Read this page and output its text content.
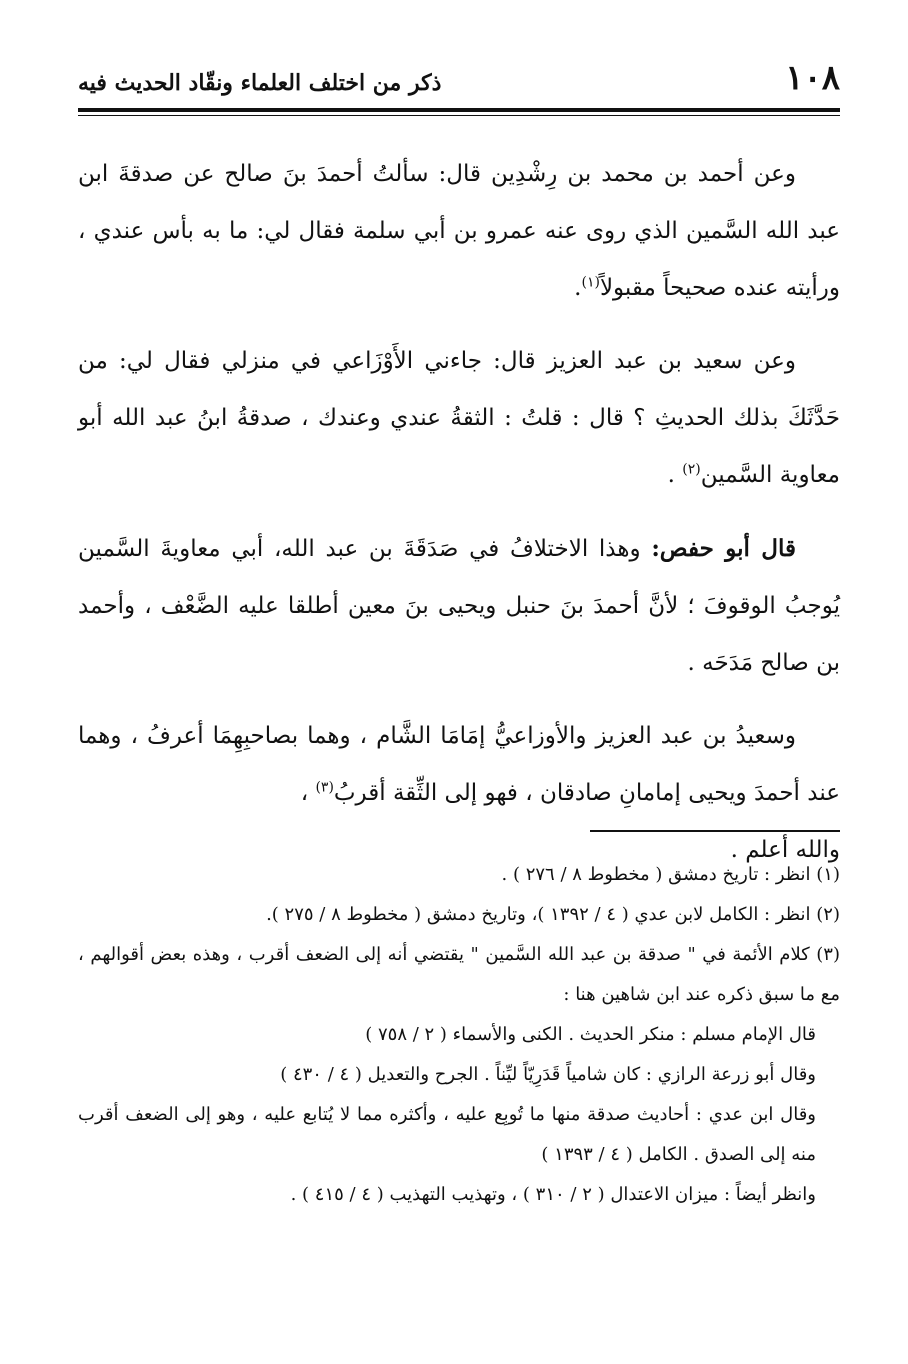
١٠٨
ذكر من اختلف العلماء ونقّاد الحديث فيه

وعن أحمد بن محمد بن رِشْدِين قال: سألتُ أحمدَ بنَ صالح عن صدقةَ ابن عبد الله السَّمين الذي روى عنه عمرو بن أبي سلمة فقال لي: ما به بأس عندي ، ورأيته عنده صحيحاً مقبولاً$^{(١)}$.

وعن سعيد بن عبد العزيز قال: جاءني الأَوْزَاعي في منزلي فقال لي: من حَدَّثَكَ بذلك الحديثِ ؟ قال : قلتُ : الثقةُ عندي وعندك ، صدقةُ ابنُ عبد الله أبو معاوية السَّمين$^{(٢)}$ .

قال أبو حفص: وهذا الاختلافُ في صَدَقَةَ بن عبد الله، أبي معاويةَ السَّمين يُوجبُ الوقوفَ ؛ لأنَّ أحمدَ بنَ حنبل ويحيى بنَ معين أطلقا عليه الضَّعْف ، وأحمد بن صالح مَدَحَه .

وسعيدُ بن عبد العزيز والأوزاعيُّ إمَامَا الشَّام ، وهما بصاحبِهِمَا أعرفُ ، وهما عند أحمدَ ويحيى إمامانِ صادقان ، فهو إلى الثِّقة أقربُ$^{(٣)}$ ،
والله أعلم .

(١) انظر : تاريخ دمشق ( مخطوط ٨ / ٢٧٦ ) .

(٢) انظر : الكامل لابن عدي ( ٤ / ١٣٩٢ )، وتاريخ دمشق ( مخطوط ٨ / ٢٧٥ ).

(٣) كلام الأئمة في " صدقة بن عبد الله السَّمين " يقتضي أنه إلى الضعف أقرب ، وهذه بعض أقوالهم ، مع ما سبق ذكره عند ابن شاهين هنا :

قال الإمام مسلم : منكر الحديث . الكنى والأسماء ( ٢ / ٧٥٨ )

وقال أبو زرعة الرازي : كان شامياً قَدَرِيّاً ليِّناً . الجرح والتعديل ( ٤ / ٤٣٠ )

وقال ابن عدي : أحاديث صدقة منها ما تُوبِع عليه ، وأكثره مما لا يُتابع عليه ، وهو إلى الضعف أقرب منه إلى الصدق . الكامل ( ٤ / ١٣٩٣ )

وانظر أيضاً : ميزان الاعتدال ( ٢ / ٣١٠ ) ، وتهذيب التهذيب ( ٤ / ٤١٥ ) .
